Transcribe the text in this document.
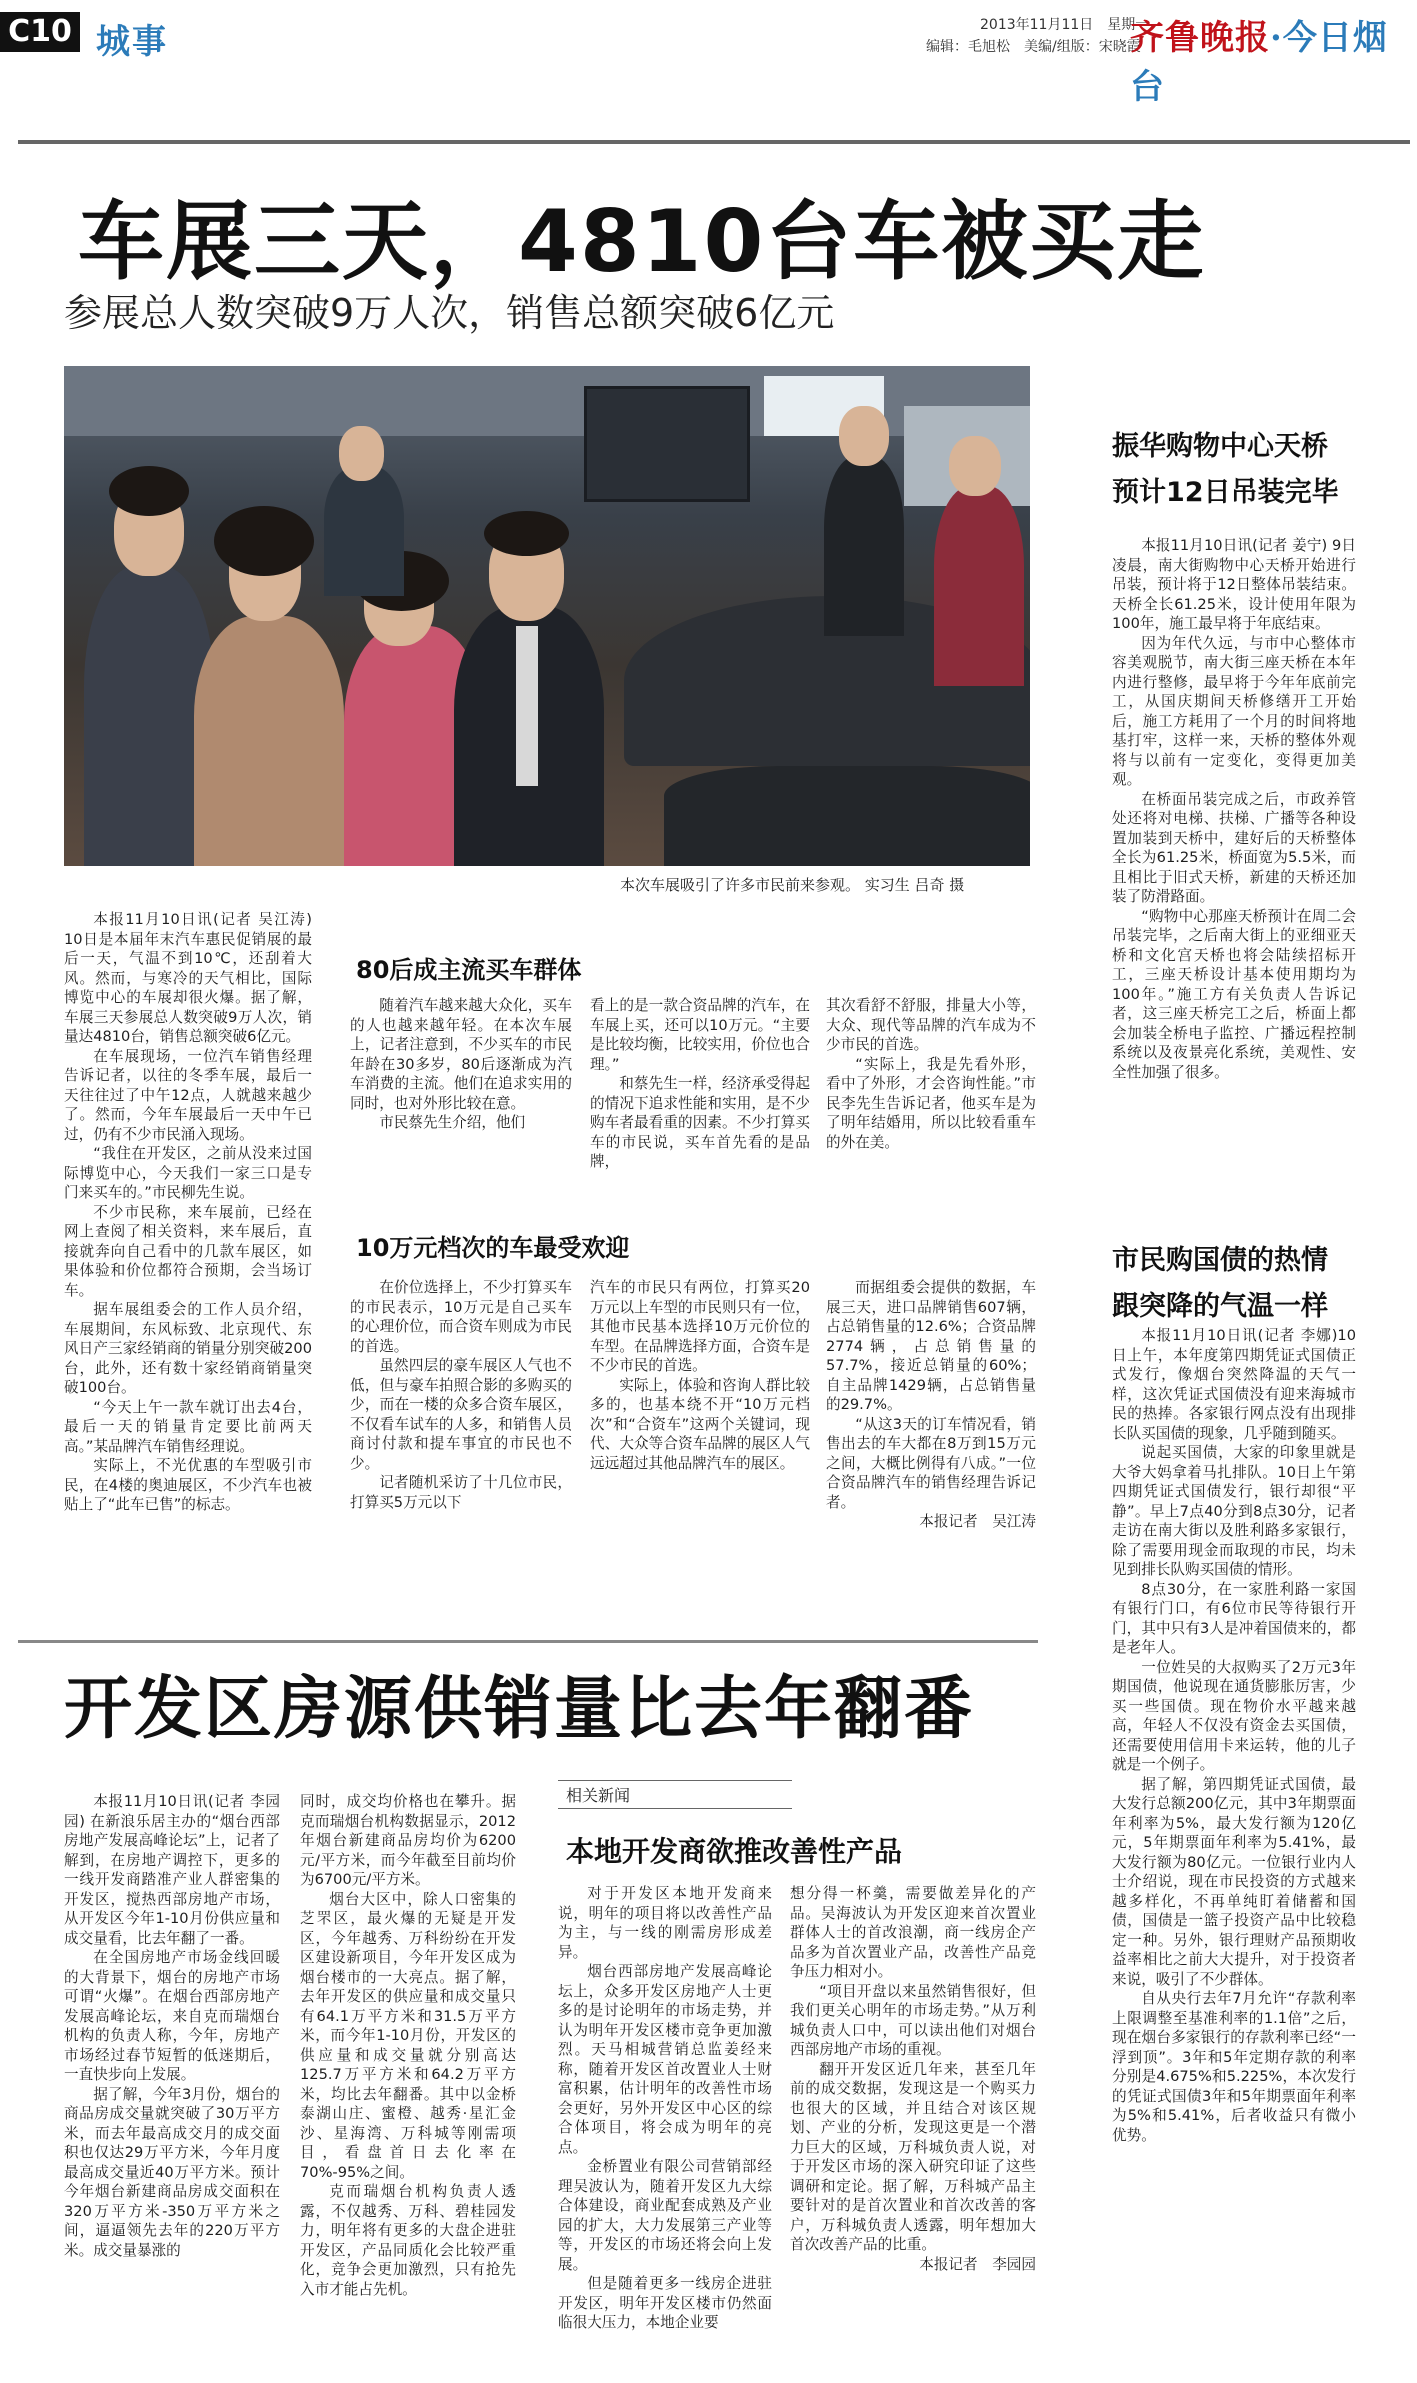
C10 城事	2013年11月11日　星期一
编辑：毛旭松　美编/组版：宋晓霞
齐鲁晚报·今日烟台
车展三天，4810台车被买走
参展总人数突破9万人次，销售总额突破6亿元
本次车展吸引了许多市民前来参观。 实习生 吕奇 摄

本报11月10日讯(记者 吴江涛) 10日是本届年末汽车惠民促销展的最后一天，气温不到10℃，还刮着大风。然而，与寒冷的天气相比，国际博览中心的车展却很火爆。据了解，车展三天参展总人数突破9万人次，销量达4810台，销售总额突破6亿元。

在车展现场，一位汽车销售经理告诉记者，以往的冬季车展，最后一天往往过了中午12点，人就越来越少了。然而，今年车展最后一天中午已过，仍有不少市民涌入现场。

“我住在开发区，之前从没来过国际博览中心，今天我们一家三口是专门来买车的。”市民柳先生说。

不少市民称，来车展前，已经在网上查阅了相关资料，来车展后，直接就奔向自己看中的几款车展区，如果体验和价位都符合预期，会当场订车。

据车展组委会的工作人员介绍，车展期间，东风标致、北京现代、东风日产三家经销商的销量分别突破200台，此外，还有数十家经销商销量突破100台。

“今天上午一款车就订出去4台，最后一天的销量肯定要比前两天高。”某品牌汽车销售经理说。

实际上，不光优惠的车型吸引市民，在4楼的奥迪展区，不少汽车也被贴上了“此车已售”的标志。

80后成主流买车群体

随着汽车越来越大众化，买车的人也越来越年轻。在本次车展上，记者注意到，不少买车的市民年龄在30多岁，80后逐渐成为汽车消费的主流。他们在追求实用的同时，也对外形比较在意。

市民蔡先生介绍，他们

看上的是一款合资品牌的汽车，在车展上买，还可以10万元。“主要是比较均衡，比较实用，价位也合理。”

和蔡先生一样，经济承受得起的情况下追求性能和实用，是不少购车者最看重的因素。不少打算买车的市民说，买车首先看的是品牌，

其次看舒不舒服，排量大小等，大众、现代等品牌的汽车成为不少市民的首选。

“实际上，我是先看外形，看中了外形，才会咨询性能。”市民李先生告诉记者，他买车是为了明年结婚用，所以比较看重车的外在美。

10万元档次的车最受欢迎

在价位选择上，不少打算买车的市民表示，10万元是自己买车的心理价位，而合资车则成为市民的首选。

虽然四层的豪车展区人气也不低，但与豪车拍照合影的多购买的少，而在一楼的众多合资车展区，不仅看车试车的人多，和销售人员商讨付款和提车事宜的市民也不少。

记者随机采访了十几位市民，打算买5万元以下

汽车的市民只有两位，打算买20万元以上车型的市民则只有一位，其他市民基本选择10万元价位的车型。在品牌选择方面，合资车是不少市民的首选。

实际上，体验和咨询人群比较多的，也基本绕不开“10万元档次”和“合资车”这两个关键词，现代、大众等合资车品牌的展区人气远远超过其他品牌汽车的展区。

而据组委会提供的数据，车展三天，进口品牌销售607辆，占总销售量的12.6%；合资品牌2774辆，占总销售量的57.7%，接近总销量的60%；自主品牌1429辆，占总销售量的29.7%。

“从这3天的订车情况看，销售出去的车大都在8万到15万元之间，大概比例得有八成。”一位合资品牌汽车的销售经理告诉记者。

本报记者　吴江涛

振华购物中心天桥
预计12日吊装完毕

本报11月10日讯(记者 姜宁) 9日凌晨，南大街购物中心天桥开始进行吊装，预计将于12日整体吊装结束。天桥全长61.25米，设计使用年限为100年，施工最早将于年底结束。

因为年代久远，与市中心整体市容美观脱节，南大街三座天桥在本年内进行整修，最早将于今年年底前完工，从国庆期间天桥修缮开工开始后，施工方耗用了一个月的时间将地基打牢，这样一来，天桥的整体外观将与以前有一定变化，变得更加美观。

在桥面吊装完成之后，市政养管处还将对电梯、扶梯、广播等各种设置加装到天桥中，建好后的天桥整体全长为61.25米，桥面宽为5.5米，而且相比于旧式天桥，新建的天桥还加装了防滑路面。

“购物中心那座天桥预计在周二会吊装完毕，之后南大街上的亚细亚天桥和文化宫天桥也将会陆续招标开工，三座天桥设计基本使用期均为100年。”施工方有关负责人告诉记者，这三座天桥完工之后，桥面上都会加装全桥电子监控、广播远程控制系统以及夜景亮化系统，美观性、安全性加强了很多。

市民购国债的热情
跟突降的气温一样

本报11月10日讯(记者 李娜)10日上午，本年度第四期凭证式国债正式发行，像烟台突然降温的天气一样，这次凭证式国债没有迎来海城市民的热捧。各家银行网点没有出现排长队买国债的现象，几乎随到随买。

说起买国债，大家的印象里就是大爷大妈拿着马扎排队。10日上午第四期凭证式国债发行，银行却很“平静”。早上7点40分到8点30分，记者走访在南大街以及胜利路多家银行，除了需要用现金而取现的市民，均未见到排长队购买国债的情形。

8点30分，在一家胜利路一家国有银行门口，有6位市民等待银行开门，其中只有3人是冲着国债来的，都是老年人。

一位姓吴的大叔购买了2万元3年期国债，他说现在通货膨胀厉害，少买一些国债。现在物价水平越来越高，年轻人不仅没有资金去买国债，还需要使用信用卡来运转，他的儿子就是一个例子。

据了解，第四期凭证式国债，最大发行总额200亿元，其中3年期票面年利率为5%，最大发行额为120亿元，5年期票面年利率为5.41%，最大发行额为80亿元。一位银行业内人士介绍说，现在市民投资的方式越来越多样化，不再单纯盯着储蓄和国债，国债是一篮子投资产品中比较稳定一种。另外，银行理财产品预期收益率相比之前大大提升，对于投资者来说，吸引了不少群体。

自从央行去年7月允许“存款利率上限调整至基准利率的1.1倍”之后，现在烟台多家银行的存款利率已经“一浮到顶”。3年和5年定期存款的利率分别是4.675%和5.225%，本次发行的凭证式国债3年和5年期票面年利率为5%和5.41%，后者收益只有微小优势。

开发区房源供销量比去年翻番

本报11月10日讯(记者 李园园) 在新浪乐居主办的“烟台西部房地产发展高峰论坛”上，记者了解到，在房地产调控下，更多的一线开发商踏准产业人群密集的开发区，搅热西部房地产市场，从开发区今年1-10月份供应量和成交量看，比去年翻了一番。

在全国房地产市场金线回暖的大背景下，烟台的房地产市场可谓“火爆”。在烟台西部房地产发展高峰论坛，来自克而瑞烟台机构的负责人称，今年，房地产市场经过春节短暂的低迷期后，一直快步向上发展。

据了解，今年3月份，烟台的商品房成交量就突破了30万平方米，而去年最高成交月的成交面积也仅达29万平方米，今年月度最高成交量近40万平方米。预计今年烟台新建商品房成交面积在320万平方米-350万平方米之间，逼逼领先去年的220万平方米。成交量暴涨的

同时，成交均价格也在攀升。据克而瑞烟台机构数据显示，2012年烟台新建商品房均价为6200元/平方米，而今年截至目前均价为6700元/平方米。

烟台大区中，除人口密集的芝罘区，最火爆的无疑是开发区，今年越秀、万科纷纷在开发区建设新项目，今年开发区成为烟台楼市的一大亮点。据了解，去年开发区的供应量和成交量只有64.1万平方米和31.5万平方米，而今年1-10月份，开发区的供应量和成交量就分别高达125.7万平方米和64.2万平方米，均比去年翻番。其中以金桥泰湖山庄、蜜橙、越秀·星汇金沙、星海湾、万科城等刚需项目，看盘首日去化率在70%-95%之间。

克而瑞烟台机构负责人透露，不仅越秀、万科、碧桂园发力，明年将有更多的大盘企进驻开发区，产品同质化会比较严重化，竞争会更加激烈，只有抢先入市才能占先机。

相关新闻
本地开发商欲推改善性产品

对于开发区本地开发商来说，明年的项目将以改善性产品为主，与一线的刚需房形成差异。

烟台西部房地产发展高峰论坛上，众多开发区房地产人士更多的是讨论明年的市场走势，并认为明年开发区楼市竞争更加激烈。天马相城营销总监姜经来称，随着开发区首改置业人士财富积累，估计明年的改善性市场会更好，另外开发区中心区的综合体项目，将会成为明年的亮点。

金桥置业有限公司营销部经理吴波认为，随着开发区九大综合体建设，商业配套成熟及产业园的扩大，大力发展第三产业等等，开发区的市场还将会向上发展。

但是随着更多一线房企进驻开发区，明年开发区楼市仍然面临很大压力，本地企业要

想分得一杯羹，需要做差异化的产品。吴海波认为开发区迎来首次置业群体人士的首改浪潮，商一线房企产品多为首次置业产品，改善性产品竞争压力相对小。

“项目开盘以来虽然销售很好，但我们更关心明年的市场走势。”从万利城负责人口中，可以读出他们对烟台西部房地产市场的重视。

翻开开发区近几年来，甚至几年前的成交数据，发现这是一个购买力也很大的区域，并且结合对该区规划、产业的分析，发现这更是一个潜力巨大的区域，万科城负责人说，对于开发区市场的深入研究印证了这些调研和定论。据了解，万科城产品主要针对的是首次置业和首次改善的客户，万科城负责人透露，明年想加大首次改善产品的比重。

本报记者　李园园
